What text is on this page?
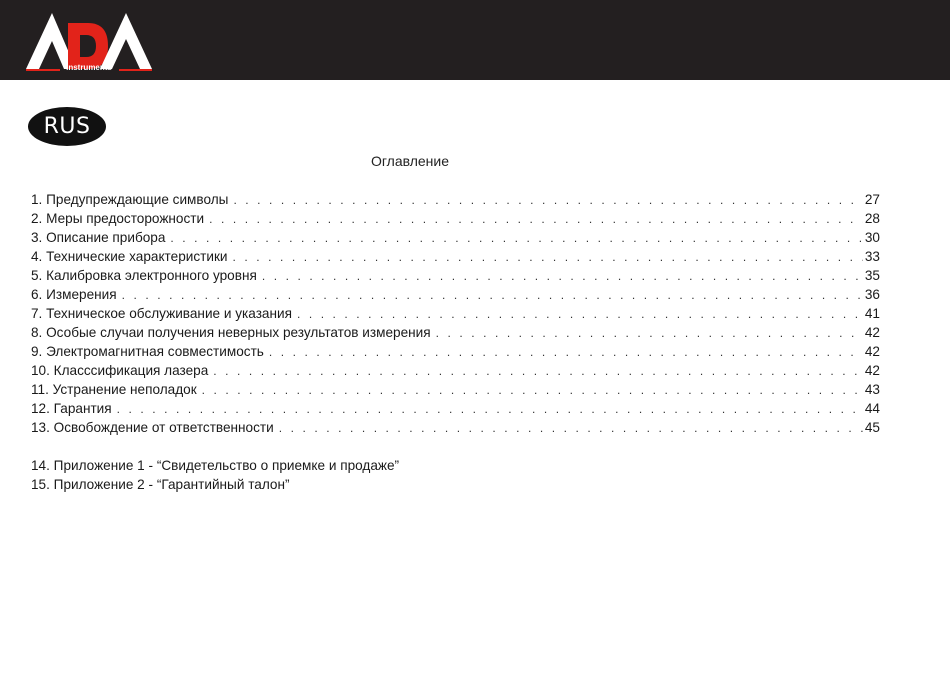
instruments
RUS
Оглавление
1. Предупреждающие символы . . .	27
2. Меры предосторожности . . .	28
3. Описание прибора . . .	30
4. Технические характеристики . . .	33
5. Калибровка электронного уровня . . .	35
6. Измерения . . .	36
7. Техническое обслуживание и указания . . .	41
8. Особые случаи получения неверных результатов измерения . . .	42
9. Электромагнитная совместимость . . .	42
10. Класссификация лазера . . .	42
11. Устранение неполадок . . .	43
12. Гарантия . . .	44
13. Освобождение от ответственности . . .	45
14. Приложение 1 - “Свидетельство о приемке и продаже”
15. Приложение 2 - “Гарантийный талон”
